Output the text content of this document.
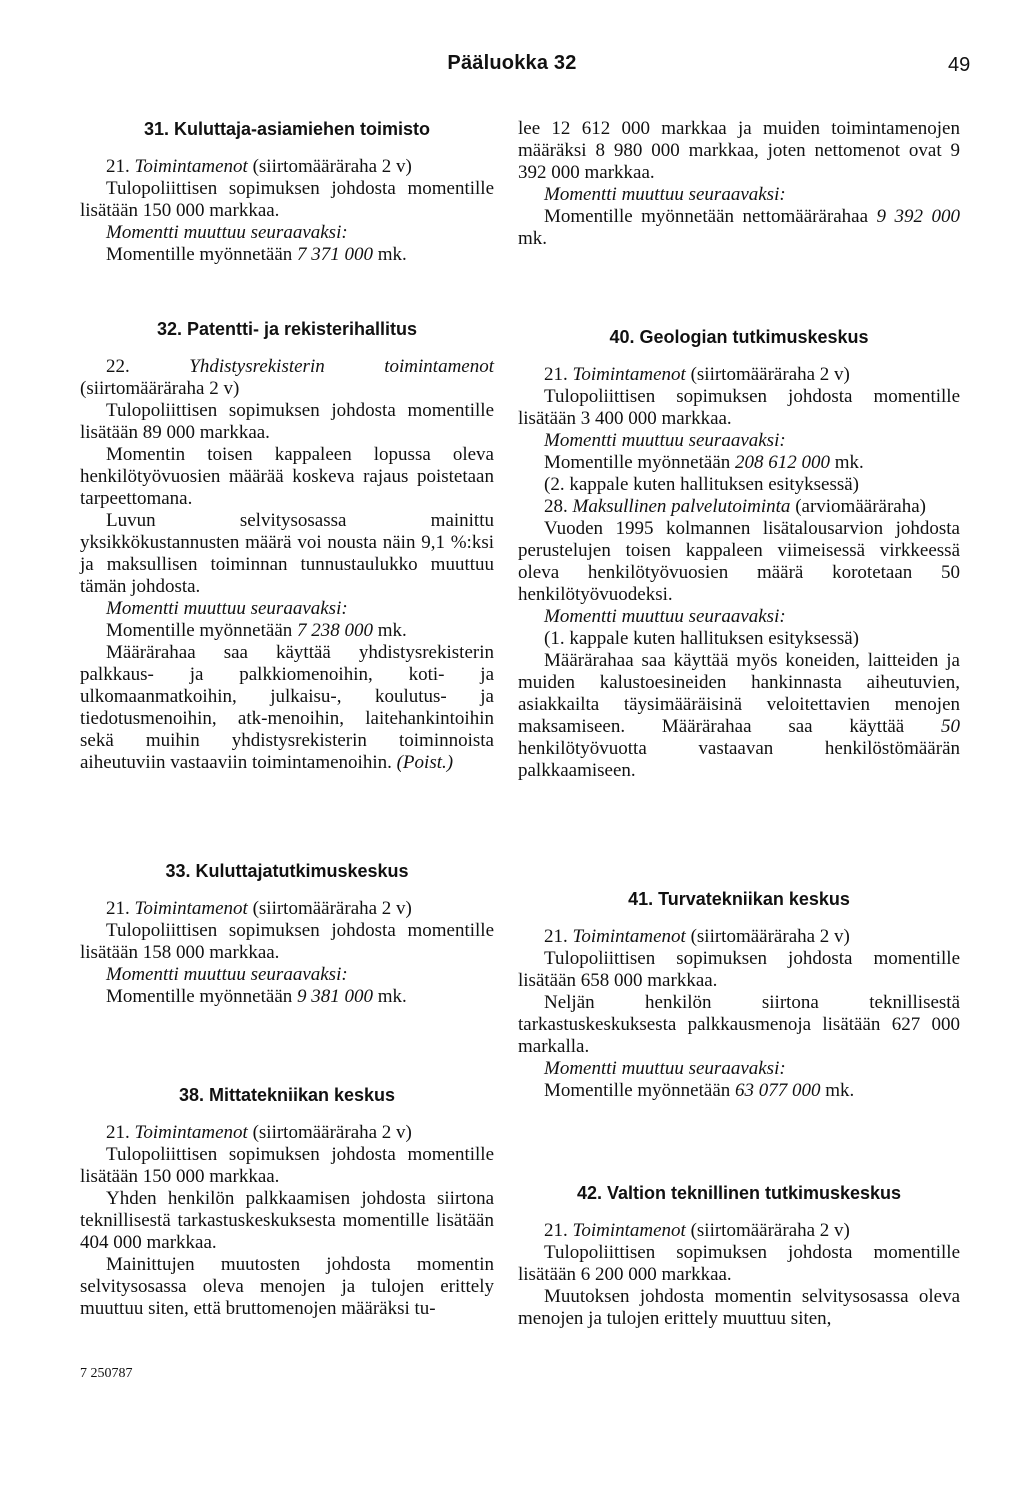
Pääluokka 32	49
31. Kuluttaja-asiamiehen toimisto

21. Toimintamenot (siirtomääräraha 2 v)

Tulopoliittisen sopimuksen johdosta momentille lisätään 150 000 markkaa.

Momentti muuttuu seuraavaksi:

Momentille myönnetään 7 371 000 mk.

32. Patentti- ja rekisterihallitus

22.	Yhdistysrekisterin toimintamenot (siirtomääräraha 2 v)

Tulopoliittisen sopimuksen johdosta momentille lisätään 89 000 markkaa.

Momentin toisen kappaleen lopussa oleva henkilötyövuosien määrää koskeva rajaus poistetaan tarpeettomana.

Luvun selvitysosassa mainittu yksikkökustannusten määrä voi nousta näin 9,1 %:ksi ja maksullisen toiminnan tunnustaulukko muuttuu tämän johdosta.

Momentti muuttuu seuraavaksi:

Momentille myönnetään 7 238 000 mk.

Määrärahaa saa käyttää yhdistysrekisterin palkkaus- ja palkkiomenoihin, koti- ja ulkomaanmatkoihin, julkaisu-, koulutus- ja tiedotusmenoihin, atk-menoihin, laitehankintoihin sekä muihin yhdistysrekisterin toiminnoista aiheutuviin vastaaviin toimintamenoihin. (Poist.)

33. Kuluttajatutkimuskeskus

21. Toimintamenot (siirtomääräraha 2 v)

Tulopoliittisen sopimuksen johdosta momentille lisätään 158 000 markkaa.

Momentti muuttuu seuraavaksi:

Momentille myönnetään 9 381 000 mk.

38. Mittatekniikan keskus

21. Toimintamenot (siirtomääräraha 2 v)

Tulopoliittisen sopimuksen johdosta momentille lisätään 150 000 markkaa.

Yhden henkilön palkkaamisen johdosta siirtona teknillisestä tarkastuskeskuksesta momentille lisätään 404 000 markkaa.

Mainittujen muutosten johdosta momentin selvitysosassa oleva menojen ja tulojen erittely muuttuu siten, että bruttomenojen määräksi tu-

7 250787

lee 12 612 000 markkaa ja muiden toimintamenojen määräksi 8 980 000 markkaa, joten nettomenot ovat 9 392 000 markkaa.

Momentti muuttuu seuraavaksi:

Momentille myönnetään nettomäärärahaa 9 392 000 mk.

40. Geologian tutkimuskeskus

21. Toimintamenot (siirtomääräraha 2 v)

Tulopoliittisen sopimuksen johdosta momentille lisätään 3 400 000 markkaa.

Momentti muuttuu seuraavaksi:

Momentille myönnetään 208 612 000 mk.

(2. kappale kuten hallituksen esityksessä)

28. Maksullinen palvelutoiminta (arviomääräraha)

Vuoden 1995 kolmannen lisätalousarvion johdosta perustelujen toisen kappaleen viimeisessä virkkeessä oleva henkilötyövuosien määrä korotetaan 50 henkilötyövuodeksi.

Momentti muuttuu seuraavaksi:

(1. kappale kuten hallituksen esityksessä)

Määrärahaa saa käyttää myös koneiden, laitteiden ja muiden kalustoesineiden hankinnasta aiheutuvien, asiakkailta täysimääräisinä veloitettavien menojen maksamiseen. Määrärahaa saa käyttää 50 henkilötyövuotta vastaavan henkilöstömäärän palkkaamiseen.

41. Turvatekniikan keskus

21. Toimintamenot (siirtomääräraha 2 v)

Tulopoliittisen sopimuksen johdosta momentille lisätään 658 000 markkaa.

Neljän henkilön siirtona teknillisestä tarkastuskeskuksesta palkkausmenoja lisätään 627 000 markalla.

Momentti muuttuu seuraavaksi:

Momentille myönnetään 63 077 000 mk.

42. Valtion teknillinen tutkimuskeskus

21. Toimintamenot (siirtomääräraha 2 v)

Tulopoliittisen sopimuksen johdosta momentille lisätään 6 200 000 markkaa.

Muutoksen johdosta momentin selvitysosassa oleva menojen ja tulojen erittely muuttuu siten,
